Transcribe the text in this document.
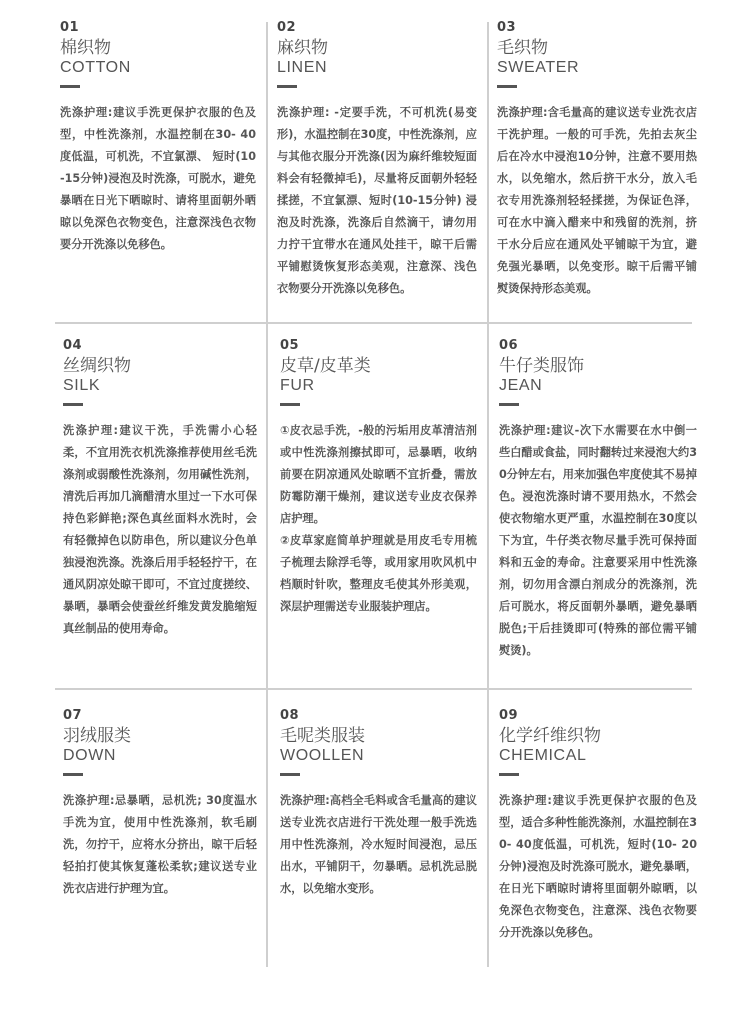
01
棉织物
COTTON

洗涤护理:建议手洗更保护衣服的色及型，中性洗涤剂，水温控制在30- 40度低温，可机洗，不宜氯漂、 短时(10-15分钟)浸泡及时洗涤，可脱水，避免暴晒在日光下晒晾时、请将里面朝外晒晾以免深色衣物变色，注意深浅色衣物要分开洗涤以免移色。

02
麻织物
LINEN

洗涤护理: -定要手洗，不可机洗(易变形)，水温控制在30度，中性洗涤剂，应与其他衣服分开洗涤(因为麻纤维较短面料会有轻微掉毛)，尽量将反面朝外轻轻揉搓，不宜氯漂、短时(10-15分钟) 浸泡及时洗涤，洗涤后自然滴干，请勿用力拧干宜带水在通风处挂干，晾干后需平铺慰烫恢复形态美观，注意深、浅色衣物要分开洗涤以免移色。

03
毛织物
SWEATER

洗涤护理:含毛量高的建议送专业洗衣店干洗护理。一般的可手洗，先拍去灰尘后在冷水中浸泡10分钟，注意不要用热水，以免缩水，然后挤干水分，放入毛衣专用洗涤剂轻轻揉搓，为保证色泽，可在水中滴入醋来中和残留的洗剂，挤干水分后应在通风处平铺晾干为宜，避免强光暴晒，以免变形。晾干后需平铺熨烫保持形态美观。

04
丝绸织物
SILK

洗涤护理:建议干洗，手洗需小心轻柔，不宜用洗衣机洗涤推荐使用丝毛洗涤剂或弱酸性洗涤剂，勿用碱性洗剂，清洗后再加几滴醋清水里过一下水可保持色彩鲜艳;深色真丝面料水洗时，会有轻微掉色以防串色，所以建议分色单独浸泡洗涤。洗涤后用手轻轻拧干，在通风阴凉处晾干即可，不宜过度搓绞、暴晒，暴晒会使蚕丝纤维发黄发脆缩短真丝制品的使用寿命。

05
皮草/皮革类
FUR

①皮衣忌手洗，-般的污垢用皮革清洁剂或中性洗涤剂擦拭即可，忌暴晒，收纳前要在阴凉通风处晾晒不宜折叠，需放防霉防潮干燥剂，建议送专业皮衣保养店护理。

②皮草家庭简单护理就是用皮毛专用梳子梳理去除浮毛等，或用家用吹风机中档顺时针吹，整理皮毛使其外形美观，深层护理需送专业服装护理店。

06
牛仔类服饰
JEAN

洗涤护理:建议-次下水需要在水中倒一些白醋或食盐，同时翻转过来浸泡大约30分钟左右，用来加强色牢度使其不易掉色。浸泡洗涤时请不要用热水，不然会使衣物缩水更严重，水温控制在30度以下为宜，牛仔类衣物尽量手洗可保持面料和五金的寿命。注意要采用中性洗涤剂，切勿用含漂白剂成分的洗涤剂，洗后可脱水，将反面朝外暴晒，避免暴晒脱色;干后挂烫即可(特殊的部位需平铺熨烫)。

07
羽绒服类
DOWN

洗涤护理:忌暴晒，忌机洗; 30度温水手洗为宜，使用中性洗涤剂，软毛刷洗，勿拧干，应将水分挤出，晾干后轻轻拍打使其恢复蓬松柔软;建议送专业洗衣店进行护理为宜。

08
毛呢类服装
WOOLLEN

洗涤护理:高档全毛料或含毛量高的建议送专业洗衣店进行干洗处理一般手洗选用中性洗涤剂，冷水短时间浸泡，忌压出水，平铺阴干，勿暴晒。忌机洗忌脱水，以免缩水变形。

09
化学纤维织物
CHEMICAL

洗涤护理:建议手洗更保护衣服的色及型，适合多种性能洗涤剂，水温控制在30- 40度低温，可机洗，短时(10- 20分钟)浸泡及时洗涤可脱水，避免暴晒，在日光下晒晾时请将里面朝外晾晒，以免深色衣物变色，注意深、浅色衣物要分开洗涤以免移色。
